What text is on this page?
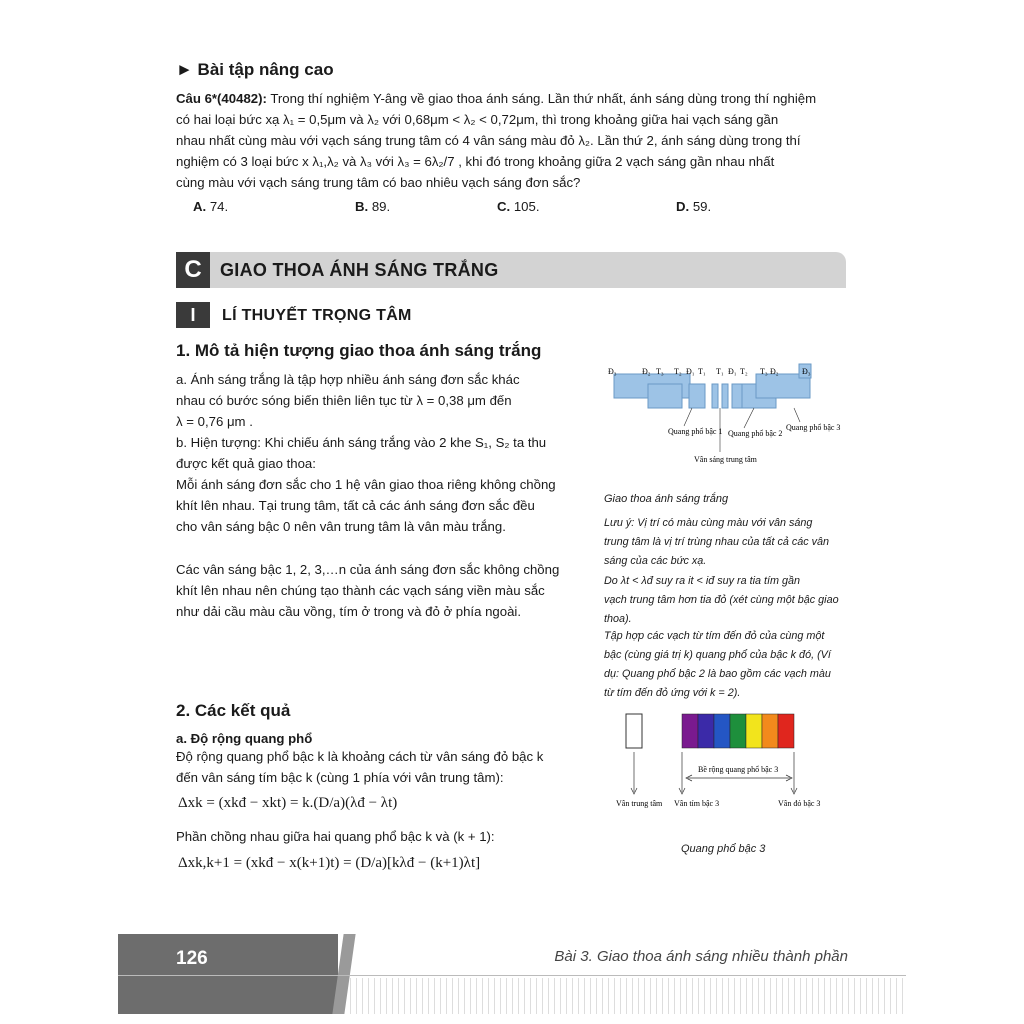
► Bài tập nâng cao
Câu 6*(40482): Trong thí nghiệm Y-âng về giao thoa ánh sáng. Lần thứ nhất, ánh sáng dùng trong thí nghiệm
có hai loại bức xạ λ₁ = 0,5μm và λ₂ với 0,68μm < λ₂ < 0,72μm, thì trong khoảng giữa hai vạch sáng gần
nhau nhất cùng màu với vạch sáng trung tâm có 4 vân sáng màu đỏ λ₂. Lần thứ 2, ánh sáng dùng trong thí
nghiệm có 3 loại bức x λ₁,λ₂ và λ₃ với λ₃ = 6λ₂/7 , khi đó trong khoảng giữa 2 vạch sáng gần nhau nhất
cùng màu với vạch sáng trung tâm có bao nhiêu vạch sáng đơn sắc?
A. 74.	B. 89.	C. 105.	D. 59.
C	GIAO THOA ÁNH SÁNG TRẮNG
I	LÍ THUYẾT TRỌNG TÂM
1. Mô tả hiện tượng giao thoa ánh sáng trắng
a. Ánh sáng trắng là tập hợp nhiều ánh sáng đơn sắc khác
nhau có bước sóng biến thiên liên tục từ λ = 0,38 μm đến
λ = 0,76 μm .
b. Hiện tượng: Khi chiếu ánh sáng trắng vào 2 khe S₁, S₂ ta thu
được kết quả giao thoa:
Mỗi ánh sáng đơn sắc cho 1 hệ vân giao thoa riêng không chồng
khít lên nhau. Tại trung tâm, tất cả các ánh sáng đơn sắc đều
cho vân sáng bậc 0 nên vân trung tâm là vân màu trắng.
Các vân sáng bậc 1, 2, 3,…n của ánh sáng đơn sắc không chồng
khít lên nhau nên chúng tạo thành các vạch sáng viền màu sắc
như dải cầu màu cầu vồng, tím ở trong và đỏ ở phía ngoài.
Đ₃	Đ₂ T₃ T₂ Đ₁ T₁ T₁ Đ₁ T₂ T₃ Đ₂	Đ₃
Quang phổ bậc 1 Quang phổ bậc 2
Quang phổ bậc 3
Vân sáng trung tâm
Giao thoa ánh sáng trắng
Lưu ý: Vị trí có màu cùng màu với vân sáng
trung tâm là vị trí trùng nhau của tất cả các vân
sáng của các bức xạ.
Do λt < λđ suy ra it < iđ suy ra tia tím gần
vạch trung tâm hơn tia đỏ (xét cùng một bậc giao
thoa).
Tập hợp các vạch từ tím đến đỏ của cùng một
bậc (cùng giá trị k) quang phổ của bậc k đó, (Ví
dụ: Quang phổ bậc 2 là bao gồm các vạch màu
từ tím đến đỏ ứng với k = 2).
Bề rộng quang phổ bậc 3
Vân trung tâm Vân tím bậc 3	Vân đỏ bậc 3
Quang phổ bậc 3
2. Các kết quả
a. Độ rộng quang phổ
Độ rộng quang phổ bậc k là khoảng cách từ vân sáng đỏ bậc k
đến vân sáng tím bậc k (cùng 1 phía với vân trung tâm):
Δxk = (xkđ − xkt) = k.(D/a)(λđ − λt)
Phần chồng nhau giữa hai quang phổ bậc k và (k + 1):
Δxk,k+1 = (xkđ − x(k+1)t) = (D/a)[kλđ − (k+1)λt]
126	Bài 3. Giao thoa ánh sáng nhiều thành phần
